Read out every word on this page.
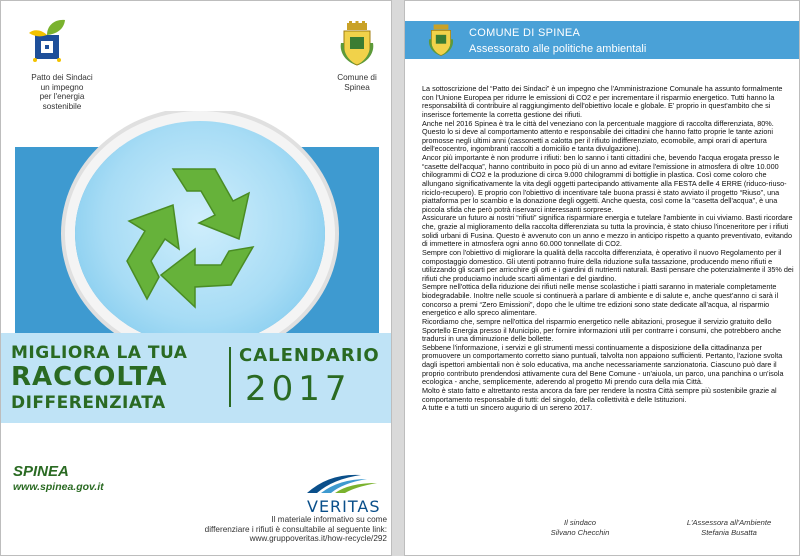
Patto dei Sindaci
un impegno
per l'energia
sostenibile
Comune di
Spinea
MIGLIORA LA TUA
RACCOLTA
DIFFERENZIATA
CALENDARIO
2017
SPINEA
www.spinea.gov.it
VERITAS
Il materiale informativo su come
differenziare i rifiuti è consultabile al seguente link:
www.gruppoveritas.it/how-recycle/292
COMUNE DI SPINEA
Assessorato alle politiche ambientali

La sottoscrizione del “Patto dei Sindaci” è un impegno che l'Amministrazione Comunale ha assunto formalmente con l'Unione Europea per ridurre le emissioni di CO2 e per incrementare il risparmio energetico. Tutti hanno la responsabilità di contribuire al raggiungimento dell'obiettivo locale e globale. E' proprio in quest'ambito che si inserisce fortemente la corretta gestione dei rifiuti.

Anche nel 2016 Spinea è tra le città del veneziano con la percentuale maggiore di raccolta differenziata, 80%. Questo lo si deve al comportamento attento e responsabile dei cittadini che hanno fatto proprie le tante azioni promosse negli ultimi anni (cassonetti a calotta per il rifiuto indifferenziato, ecomobile, ampi orari di apertura dell'ecocentro, ingombranti raccolti a domicilio e tanta divulgazione).

Ancor più importante è non produrre i rifiuti: ben lo sanno i tanti cittadini che, bevendo l'acqua erogata presso le “casette dell'acqua”, hanno contribuito in poco più di un anno ad evitare l'emissione in atmosfera di oltre 10.000 chilogrammi di CO2 e la produzione di circa 9.000 chilogrammi di bottiglie in plastica. Così come coloro che allungano significativamente la vita degli oggetti partecipando attivamente alla FESTA delle 4 ERRE (riduco-riuso-riciclo-recupero). E proprio con l'obiettivo di incentivare tale buona prassi è stato avviato il progetto “Riuso”, una piattaforma per lo scambio e la donazione degli oggetti. Anche questa, così come la “casetta dell'acqua”, è una piccola sfida che però potrà riservarci interessanti sorprese.

Assicurare un futuro ai nostri “rifiuti” significa risparmiare energia e tutelare l'ambiente in cui viviamo. Basti ricordare che, grazie al miglioramento della raccolta differenziata su tutta la provincia, è stato chiuso l'inceneritore per i rifiuti solidi urbani di Fusina. Questo è avvenuto con un anno e mezzo in anticipo rispetto a quanto preventivato, evitando di immettere in atmosfera ogni anno 60.000 tonnellate di CO2.

Sempre con l'obiettivo di migliorare la qualità della raccolta differenziata, è operativo il nuovo Regolamento per il compostaggio domestico. Gli utenti potranno fruire della riduzione sulla tassazione, producendo meno rifiuti e utilizzando gli scarti per arricchire gli orti e i giardini di nutrienti naturali. Basti pensare che potenzialmente il 35% dei rifiuti che produciamo include scarti alimentari e del giardino.

Sempre nell'ottica della riduzione dei rifiuti nelle mense scolastiche i piatti saranno in materiale completamente biodegradabile. Inoltre nelle scuole si continuerà a parlare di ambiente e di salute e, anche quest'anno ci sarà il concorso a premi “Zero Emissioni”, dopo che le ultime tre edizioni sono state dedicate all'acqua, al risparmio energetico e allo spreco alimentare.

Ricordiamo che, sempre nell'ottica del risparmio energetico nelle abitazioni, prosegue il servizio gratuito dello Sportello Energia presso il Municipio, per fornire informazioni utili per contrarre i consumi, che potrebbero anche tradursi in una diminuzione delle bollette.

Sebbene l'informazione, i servizi e gli strumenti messi continuamente a disposizione della cittadinanza per promuovere un comportamento corretto siano puntuali, talvolta non appaiono sufficienti. Pertanto, l'azione svolta dagli ispettori ambientali non è solo educativa, ma anche necessariamente sanzionatoria. Ciascuno può dare il proprio contributo prendendosi attivamente cura del Bene Comune - un'aiuola, un parco, una panchina o un'isola ecologica - anche, semplicemente, aderendo al progetto Mi prendo cura della mia Città.

Molto è stato fatto e altrettanto resta ancora da fare per rendere la nostra Città sempre più sostenibile grazie al comportamento responsabile di tutti: del singolo, della collettività e delle Istituzioni.

A tutte e a tutti un sincero augurio di un sereno 2017.

Il sindaco
Silvano Checchin
L'Assessora all'Ambiente
Stefania Busatta
